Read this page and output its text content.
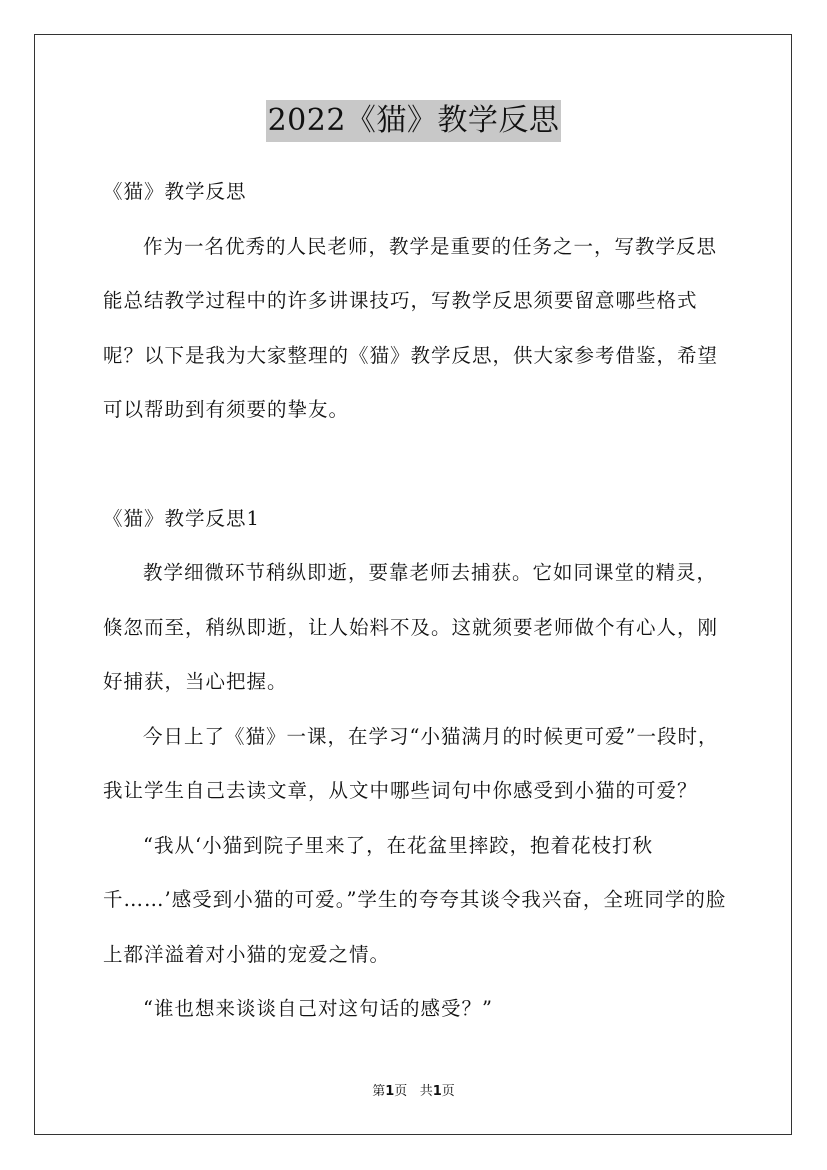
2022《猫》教学反思

《猫》教学反思

作为一名优秀的人民老师，教学是重要的任务之一，写教学反思能总结教学过程中的许多讲课技巧，写教学反思须要留意哪些格式呢？以下是我为大家整理的《猫》教学反思，供大家参考借鉴，希望可以帮助到有须要的挚友。

《猫》教学反思1

教学细微环节稍纵即逝，要靠老师去捕获。它如同课堂的精灵，倏忽而至，稍纵即逝，让人始料不及。这就须要老师做个有心人，刚好捕获，当心把握。

今日上了《猫》一课，在学习“小猫满月的时候更可爱”一段时，我让学生自己去读文章，从文中哪些词句中你感受到小猫的可爱？

“我从‘小猫到院子里来了，在花盆里摔跤，抱着花枝打秋千……’感受到小猫的可爱。”学生的夸夸其谈令我兴奋，全班同学的脸上都洋溢着对小猫的宠爱之情。

“谁也想来谈谈自己对这句话的感受？”

第1页 共1页
